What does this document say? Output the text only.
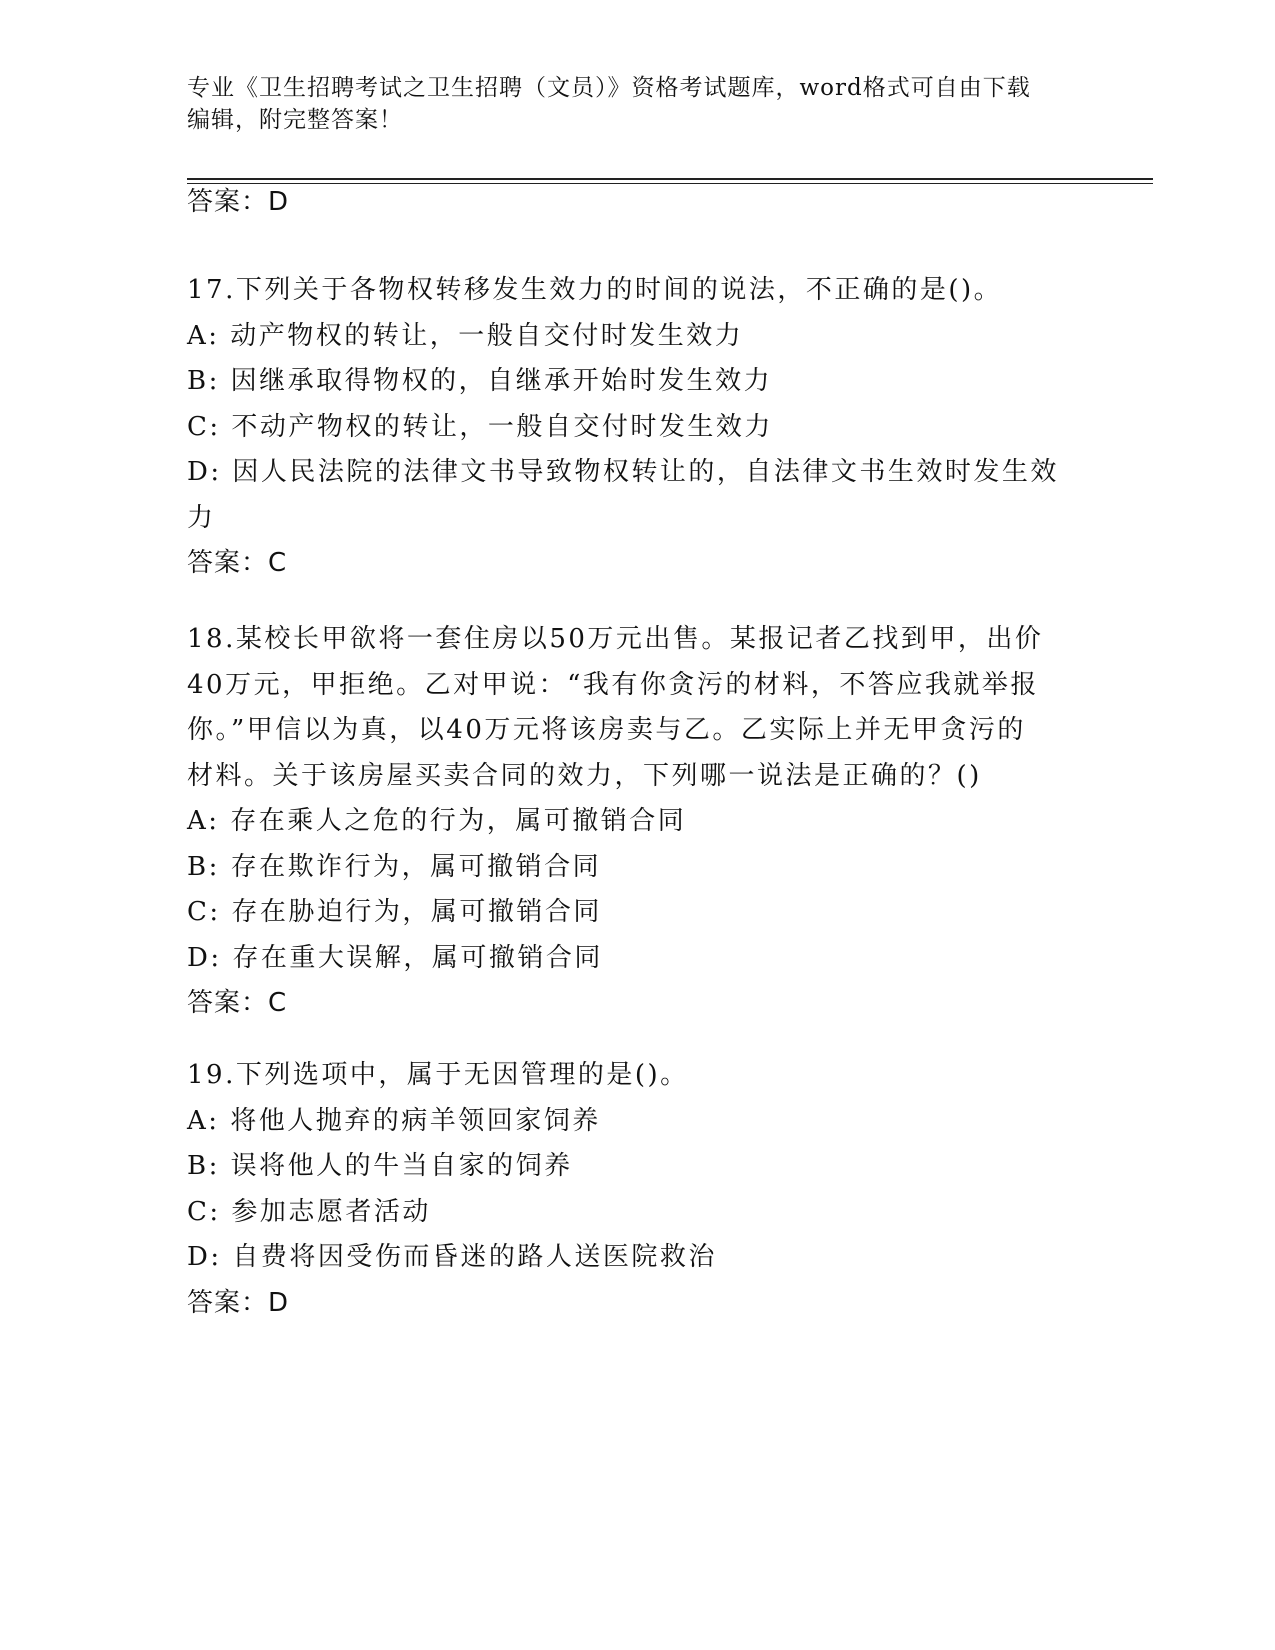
专业《卫生招聘考试之卫生招聘（文员）》资格考试题库，word格式可自由下载
编辑，附完整答案！
答案：D
17.下列关于各物权转移发生效力的时间的说法，不正确的是()。
A: 动产物权的转让，一般自交付时发生效力
B: 因继承取得物权的，自继承开始时发生效力
C: 不动产物权的转让，一般自交付时发生效力
D: 因人民法院的法律文书导致物权转让的，自法律文书生效时发生效
力
答案：C
18.某校长甲欲将一套住房以50万元出售。某报记者乙找到甲，出价
40万元，甲拒绝。乙对甲说：“我有你贪污的材料，不答应我就举报
你。”甲信以为真，以40万元将该房卖与乙。乙实际上并无甲贪污的
材料。关于该房屋买卖合同的效力，下列哪一说法是正确的？()
A: 存在乘人之危的行为，属可撤销合同
B: 存在欺诈行为，属可撤销合同
C: 存在胁迫行为，属可撤销合同
D: 存在重大误解，属可撤销合同
答案：C
19.下列选项中，属于无因管理的是()。
A: 将他人抛弃的病羊领回家饲养
B: 误将他人的牛当自家的饲养
C: 参加志愿者活动
D: 自费将因受伤而昏迷的路人送医院救治
答案：D
